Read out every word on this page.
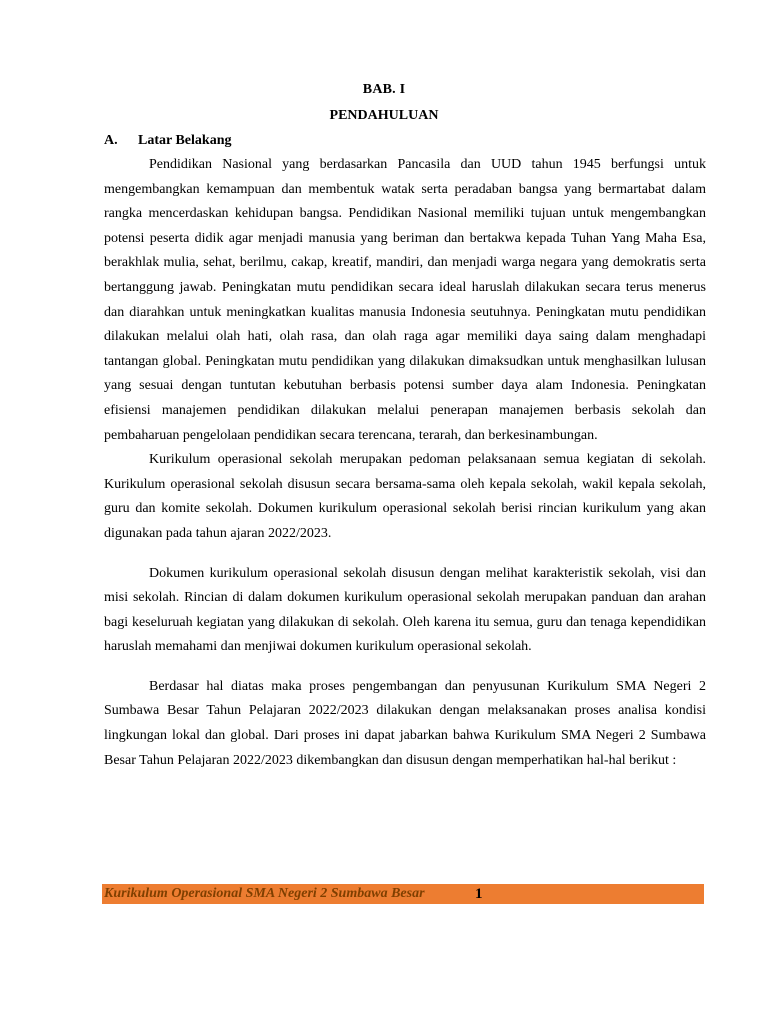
BAB. I
PENDAHULUAN
A. Latar Belakang

Pendidikan Nasional yang berdasarkan Pancasila dan UUD tahun 1945 berfungsi untuk mengembangkan kemampuan dan membentuk watak serta peradaban bangsa yang bermartabat dalam rangka mencerdaskan kehidupan bangsa. Pendidikan Nasional memiliki tujuan untuk mengembangkan potensi peserta didik agar menjadi manusia yang beriman dan bertakwa kepada Tuhan Yang Maha Esa, berakhlak mulia, sehat, berilmu, cakap, kreatif, mandiri, dan menjadi warga negara yang demokratis serta bertanggung jawab. Peningkatan mutu pendidikan secara ideal haruslah dilakukan secara terus menerus dan diarahkan untuk meningkatkan kualitas manusia Indonesia seutuhnya. Peningkatan mutu pendidikan dilakukan melalui olah hati, olah rasa, dan olah raga agar memiliki daya saing dalam menghadapi tantangan global. Peningkatan mutu pendidikan yang dilakukan dimaksudkan untuk menghasilkan lulusan yang sesuai dengan tuntutan kebutuhan berbasis potensi sumber daya alam Indonesia. Peningkatan efisiensi manajemen pendidikan dilakukan melalui penerapan manajemen berbasis sekolah dan pembaharuan pengelolaan pendidikan secara terencana, terarah, dan berkesinambungan.

Kurikulum operasional sekolah merupakan pedoman pelaksanaan semua kegiatan di sekolah. Kurikulum operasional sekolah disusun secara bersama-sama oleh kepala sekolah, wakil kepala sekolah, guru dan komite sekolah. Dokumen kurikulum operasional sekolah berisi rincian kurikulum yang akan digunakan pada tahun ajaran 2022/2023.

Dokumen kurikulum operasional sekolah disusun dengan melihat karakteristik sekolah, visi dan misi sekolah. Rincian di dalam dokumen kurikulum operasional sekolah merupakan panduan dan arahan bagi keseluruah kegiatan yang dilakukan di sekolah. Oleh karena itu semua, guru dan tenaga kependidikan haruslah memahami dan menjiwai dokumen kurikulum operasional sekolah.

Berdasar hal diatas maka proses pengembangan dan penyusunan Kurikulum SMA Negeri 2 Sumbawa Besar Tahun Pelajaran 2022/2023 dilakukan dengan melaksanakan proses analisa kondisi lingkungan lokal dan global. Dari proses ini dapat jabarkan bahwa Kurikulum SMA Negeri 2 Sumbawa Besar Tahun Pelajaran 2022/2023 dikembangkan dan disusun dengan memperhatikan hal-hal berikut :

Kurikulum Operasional SMA Negeri 2 Sumbawa Besar	1
